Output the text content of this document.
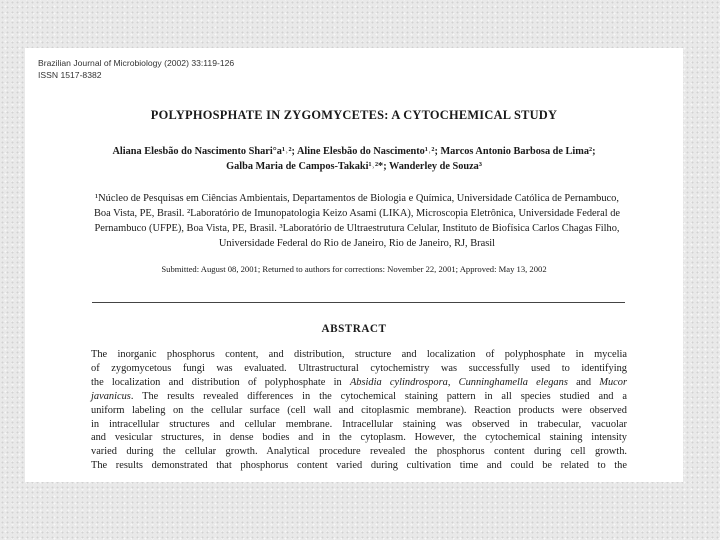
Brazilian Journal of Microbiology (2002) 33:119-126
ISSN 1517-8382
POLYPHOSPHATE IN ZYGOMYCETES: A CYTOCHEMICAL STUDY
Aliana Elesbão do Nascimento Shari°a¹˒²; Aline Elesbão do Nascimento¹˒²; Marcos Antonio Barbosa de Lima²;
Galba Maria de Campos-Takaki¹˒²*; Wanderley de Souza³
¹Núcleo de Pesquisas em Ciências Ambientais, Departamentos de Biologia e Química, Universidade Católica de Pernambuco,
Boa Vista, PE, Brasil. ²Laboratório de Imunopatologia Keizo Asami (LIKA), Microscopia Eletrônica, Universidade Federal de
Pernambuco (UFPE), Boa Vista, PE, Brasil. ³Laboratório de Ultraestrutura Celular, Instituto de Biofísica Carlos Chagas Filho,
Universidade Federal do Rio de Janeiro, Rio de Janeiro, RJ, Brasil
Submitted: August 08, 2001; Returned to authors for corrections: November 22, 2001; Approved: May 13, 2002
ABSTRACT
The inorganic phosphorus content, and distribution, structure and localization of polyphosphate in mycelia
of zygomycetous fungi was evaluated. Ultrastructural cytochemistry was successfully used to identifying
the localization and distribution of polyphosphate in Absidia cylindrospora, Cunninghamella elegans and Mucor
javanicus. The results revealed differences in the cytochemical staining pattern in all species studied and a
uniform labeling on the cellular surface (cell wall and citoplasmic membrane). Reaction products were observed
in intracellular structures and cellular membrane. Intracellular staining was observed in trabecular, vacuolar
and vesicular structures, in dense bodies and in the cytoplasm. However, the cytochemical staining intensity
varied during the cellular growth. Analytical procedure revealed the phosphorus content during cell growth.
The results demonstrated that phosphorus content varied during cultivation time and could be related to the
